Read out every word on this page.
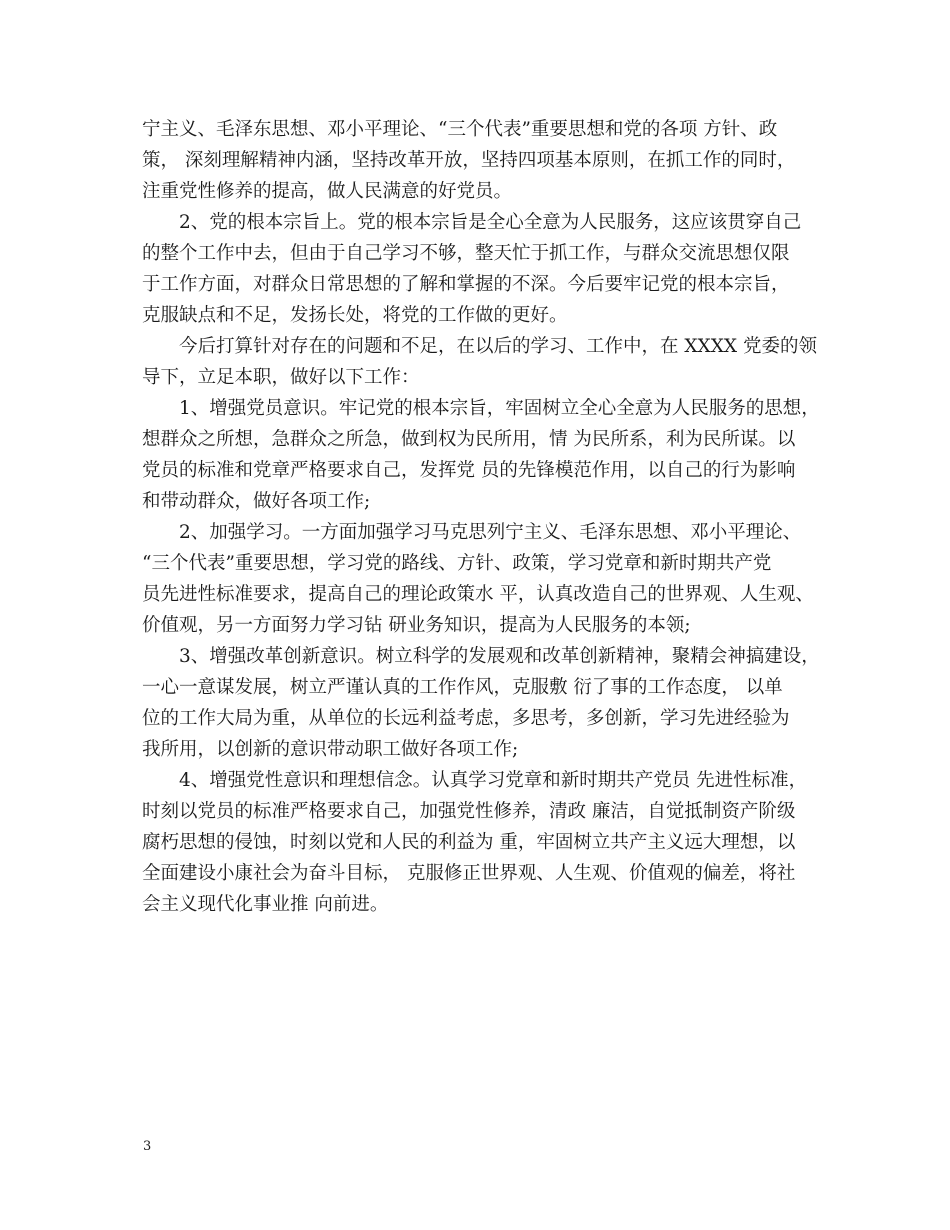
宁主义、毛泽东思想、邓小平理论、“三个代表”重要思想和党的各项 方针、政
策， 深刻理解精神内涵，坚持改革开放，坚持四项基本原则，在抓工作的同时，
注重党性修养的提高，做人民满意的好党员。
　　2、党的根本宗旨上。党的根本宗旨是全心全意为人民服务，这应该贯穿自己
的整个工作中去，但由于自己学习不够，整天忙于抓工作，与群众交流思想仅限
于工作方面，对群众日常思想的了解和掌握的不深。今后要牢记党的根本宗旨，
克服缺点和不足，发扬长处，将党的工作做的更好。
　　今后打算针对存在的问题和不足，在以后的学习、工作中，在 XXXX 党委的领
导下，立足本职，做好以下工作：
　　1、增强党员意识。牢记党的根本宗旨，牢固树立全心全意为人民服务的思想，
想群众之所想，急群众之所急，做到权为民所用，情 为民所系，利为民所谋。以
党员的标准和党章严格要求自己，发挥党 员的先锋模范作用，以自己的行为影响
和带动群众，做好各项工作;
　　2、加强学习。一方面加强学习马克思列宁主义、毛泽东思想、邓小平理论、
“三个代表”重要思想，学习党的路线、方针、政策，学习党章和新时期共产党
员先进性标准要求，提高自己的理论政策水 平，认真改造自己的世界观、人生观、
价值观，另一方面努力学习钻 研业务知识，提高为人民服务的本领;
　　3、增强改革创新意识。树立科学的发展观和改革创新精神，聚精会神搞建设，
一心一意谋发展，树立严谨认真的工作作风，克服敷 衍了事的工作态度， 以单
位的工作大局为重，从单位的长远利益考虑，多思考，多创新，学习先进经验为
我所用，以创新的意识带动职工做好各项工作;
　　4、增强党性意识和理想信念。认真学习党章和新时期共产党员 先进性标准，
时刻以党员的标准严格要求自己，加强党性修养，清政 廉洁，自觉抵制资产阶级
腐朽思想的侵蚀，时刻以党和人民的利益为 重，牢固树立共产主义远大理想，以
全面建设小康社会为奋斗目标， 克服修正世界观、人生观、价值观的偏差，将社
会主义现代化事业推 向前进。
3
